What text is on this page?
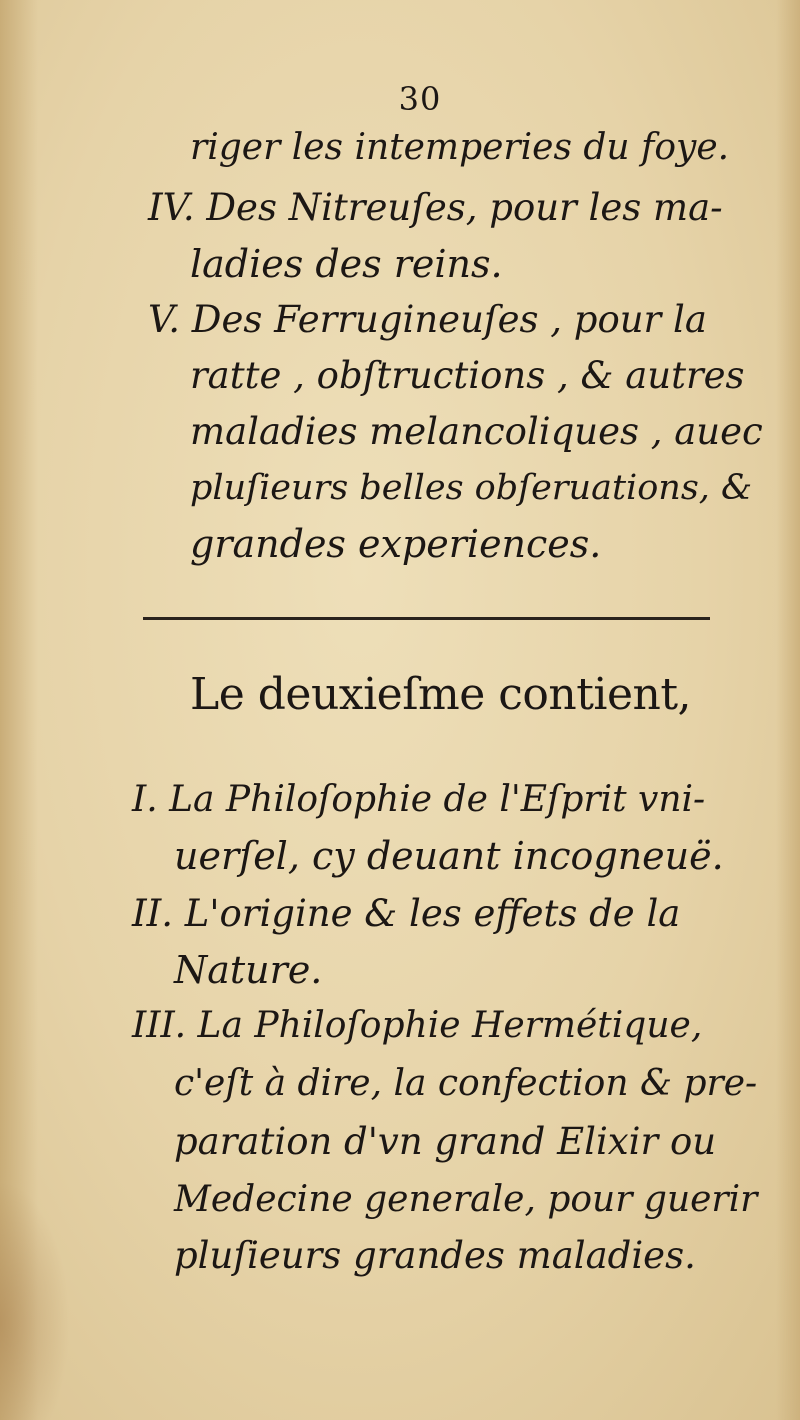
30
riger les intemperies du foye.
IV. Des Nitreuſes, pour les ma-
ladies des reins.
V. Des Ferrugineuſes , pour la
ratte , obſtructions , & autres
maladies melancoliques , auec
pluſieurs belles obſeruations, &
grandes experiences.
Le deuxieſme contient,
I. La Philoſophie de l'Eſprit vni-
uerſel, cy deuant incogneuë.
II. L'origine & les effets de la
Nature.
III. La Philoſophie Hermétique,
c'eſt à dire, la confection & pre-
paration d'vn grand Elixir ou
Medecine generale, pour guerir
pluſieurs grandes maladies.
